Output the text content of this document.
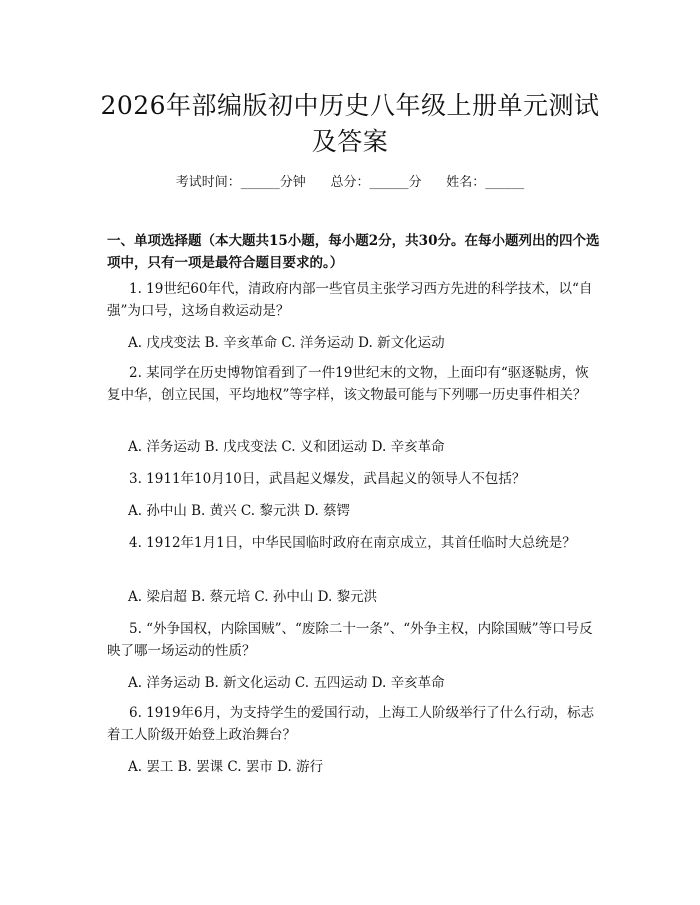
2026年部编版初中历史八年级上册单元测试
及答案
考试时间：______分钟      总分：______分      姓名：______
一、单项选择题（本大题共15小题，每小题2分，共30分。在每小题列出的四个选项中，只有一项是最符合题目要求的。）
1. 19世纪60年代，清政府内部一些官员主张学习西方先进的科学技术，以“自强”为口号，这场自救运动是？
A. 戊戌变法 B. 辛亥革命 C. 洋务运动 D. 新文化运动
2. 某同学在历史博物馆看到了一件19世纪末的文物，上面印有“驱逐鞑虏，恢复中华，创立民国，平均地权”等字样，该文物最可能与下列哪一历史事件相关？
A. 洋务运动 B. 戊戌变法 C. 义和团运动 D. 辛亥革命
3. 1911年10月10日，武昌起义爆发，武昌起义的领导人不包括？
A. 孙中山 B. 黄兴 C. 黎元洪 D. 蔡锷
4. 1912年1月1日，中华民国临时政府在南京成立，其首任临时大总统是？
A. 梁启超 B. 蔡元培 C. 孙中山 D. 黎元洪
5. “外争国权，内除国贼”、“废除二十一条”、“外争主权，内除国贼”等口号反映了哪一场运动的性质？
A. 洋务运动 B. 新文化运动 C. 五四运动 D. 辛亥革命
6. 1919年6月，为支持学生的爱国行动，上海工人阶级举行了什么行动，标志着工人阶级开始登上政治舞台？
A. 罢工 B. 罢课 C. 罢市 D. 游行
